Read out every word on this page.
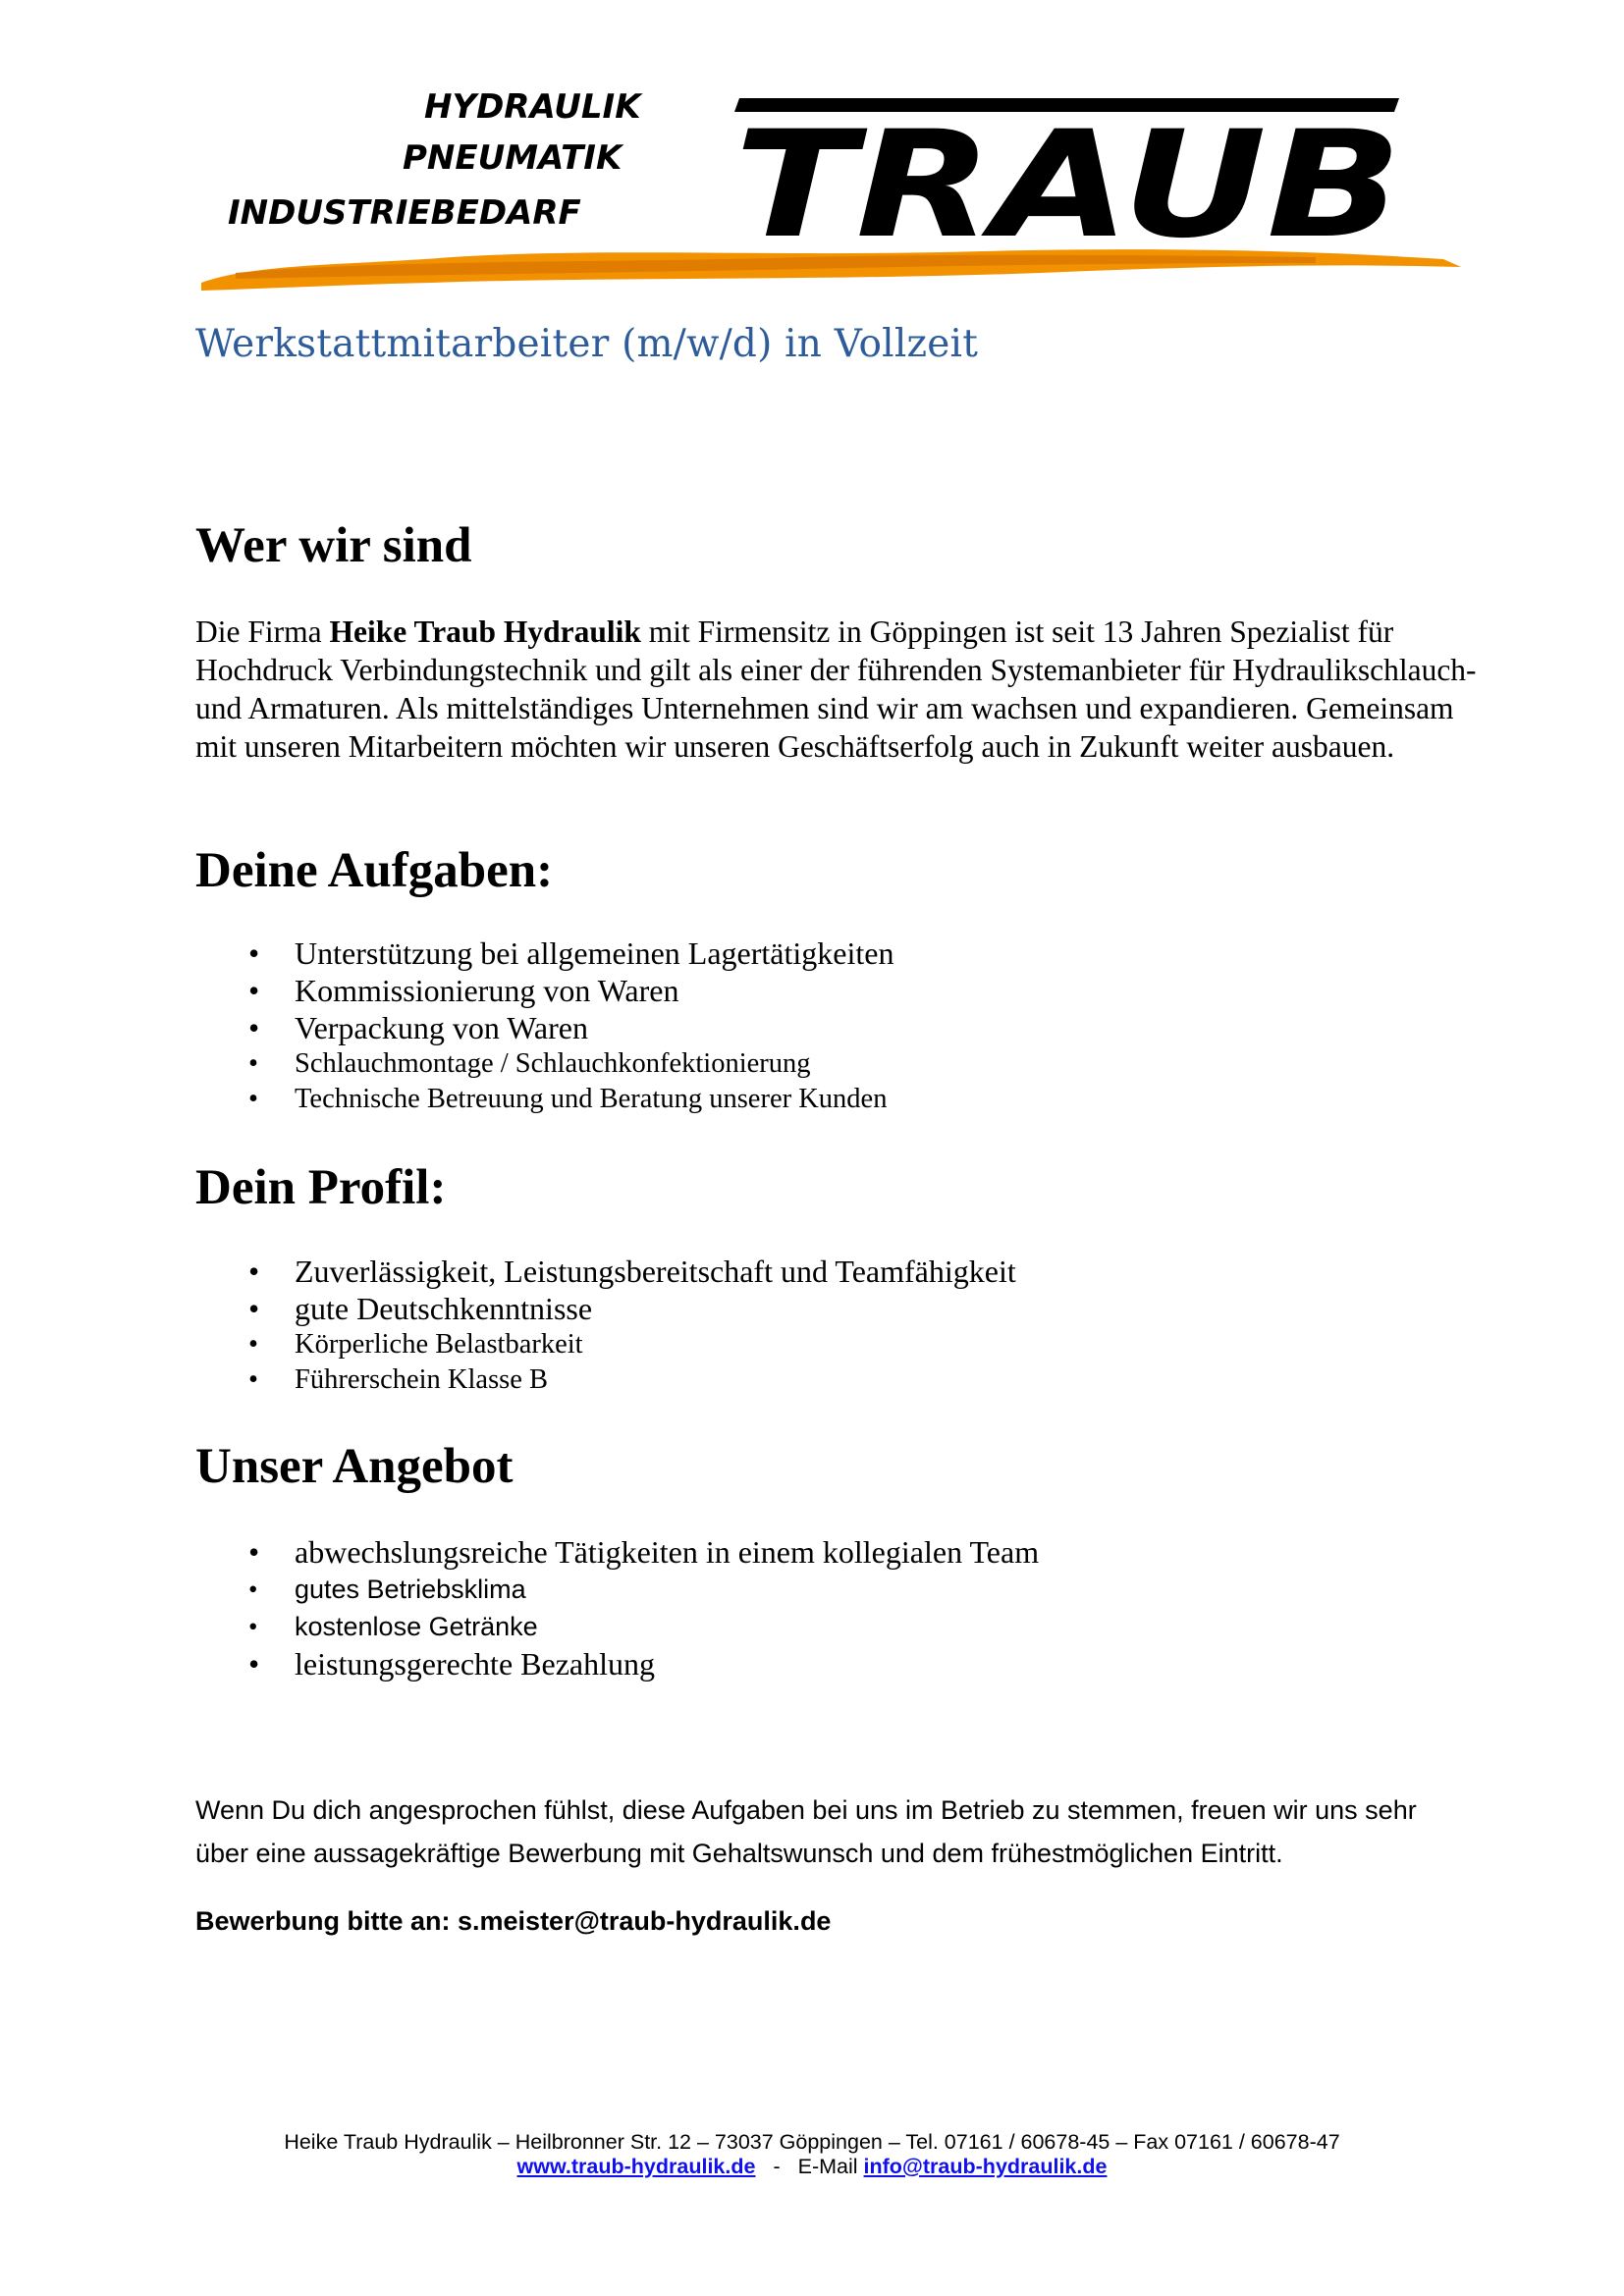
HYDRAULIK
PNEUMATIK
INDUSTRIEBEDARF TRAUB
Werkstattmitarbeiter (m/w/d) in Vollzeit
Wer wir sind

Die Firma Heike Traub Hydraulik mit Firmensitz in Göppingen ist seit 13 Jahren Spezialist für Hochdruck Verbindungstechnik und gilt als einer der führenden Systemanbieter für Hydraulikschlauch- und Armaturen. Als mittelständiges Unternehmen sind wir am wachsen und expandieren. Gemeinsam mit unseren Mitarbeitern möchten wir unseren Geschäftserfolg auch in Zukunft weiter ausbauen.

Deine Aufgaben:
• Unterstützung bei allgemeinen Lagertätigkeiten
• Kommissionierung von Waren
• Verpackung von Waren
• Schlauchmontage / Schlauchkonfektionierung
• Technische Betreuung und Beratung unserer Kunden
Dein Profil:
• Zuverlässigkeit, Leistungsbereitschaft und Teamfähigkeit
• gute Deutschkenntnisse
• Körperliche Belastbarkeit
• Führerschein Klasse B
Unser Angebot
• abwechslungsreiche Tätigkeiten in einem kollegialen Team
• gutes Betriebsklima
• kostenlose Getränke
• leistungsgerechte Bezahlung

Wenn Du dich angesprochen fühlst, diese Aufgaben bei uns im Betrieb zu stemmen, freuen wir uns sehr über eine aussagekräftige Bewerbung mit Gehaltswunsch und dem frühestmöglichen Eintritt.

Bewerbung bitte an: s.meister@traub-hydraulik.de

Heike Traub Hydraulik – Heilbronner Str. 12 – 73037 Göppingen – Tel. 07161 / 60678-45 – Fax 07161 / 60678-47
www.traub-hydraulik.de - E-Mail info@traub-hydraulik.de
